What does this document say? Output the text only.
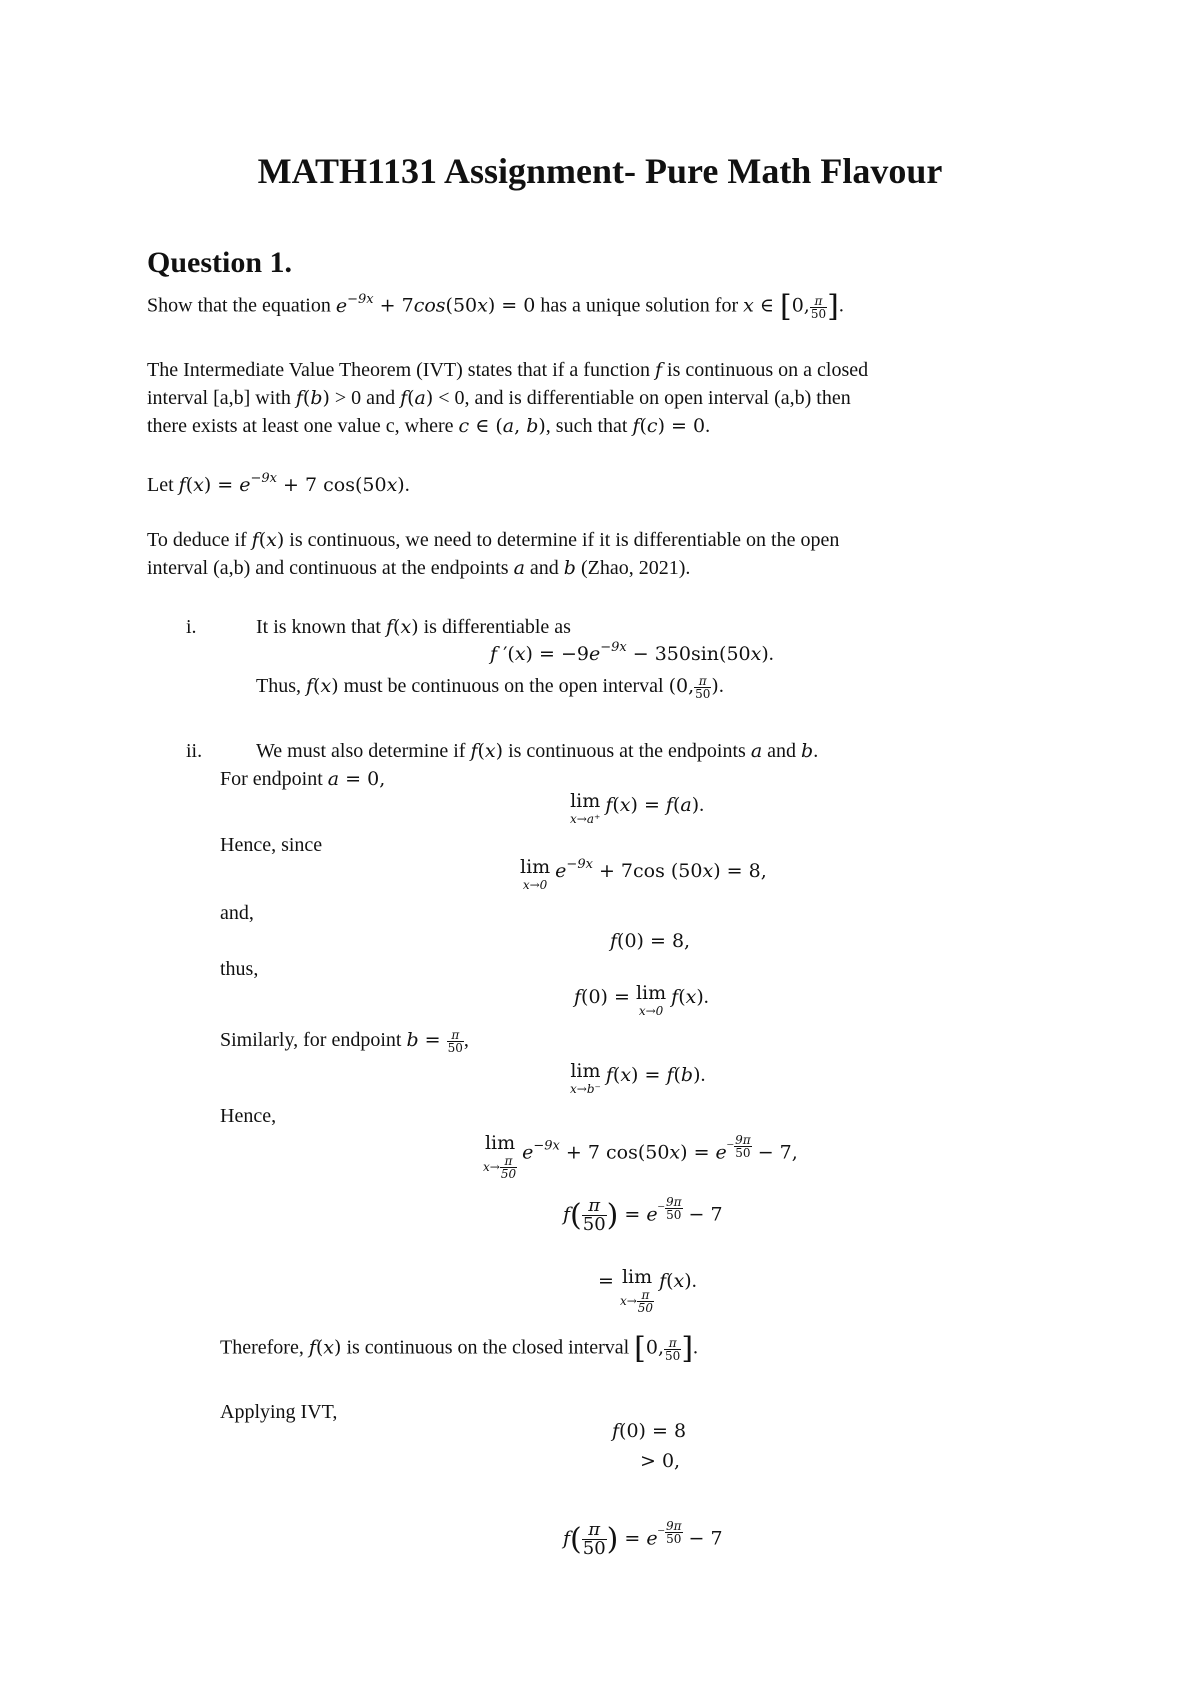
MATH1131 Assignment- Pure Math Flavour
Question 1.
Show that the equation $e^{-9x} + 7\cos(50x) = 0$ has a unique solution for x ∈ [0, $\frac{\pi}{50}$ ].
The Intermediate Value Theorem (IVT) states that if a function f is continuous on a closed
interval [a,b] with f(b) > 0 and f(a) < 0, and is differentiable on open interval (a,b) then
there exists at least one value c, where c ∈ (a, b), such that f(c) = 0.
Let $f(x) = e^{-9x} + 7$ cos(50x).
To deduce if f(x) is continuous, we need to determine if it is differentiable on the open
interval (a,b) and continuous at the endpoints a and b (Zhao, 2021).
i.	It is known that f(x) is differentiable as
f $'(x) = -9e^{-9x} - 350\sin(50x)$.
Thus, f(x) must be continuous on the open interval (0, $\frac{\pi}{50}$ ).
ii.	We must also determine if f(x) is continuous at the endpoints a and b.
For endpoint a = 0,
lim
x→a⁺
f(x) = f(a).
Hence, since
lim
x→0
$e^{-9x} + 7\cos$ (50x) = 8,
and,
f(0) = 8,
thus,
f(0) = lim
x→0
f(x).
Similarly, for endpoint $b = \frac{\pi}{50}$ ,
lim
x→b⁻
f(x) = f(b).
Hence,
lim
$x\to \frac{\pi}{50}$
$e^{-9x} + 7$ $\cos(50x) = e^{- \frac{9\pi}{50}} - 7$,
$f( \frac{\pi}{50}$ ) = $e^{- \frac{9\pi}{50}} - 7$
= lim
$x\to \frac{\pi}{50}$
f(x).
Therefore, f(x) is continuous on the closed interval [0, $\frac{\pi}{50}$ ].
Applying IVT,
f(0) = 8
> 0,
$f( \frac{\pi}{50}$ ) = $e^{- \frac{9\pi}{50}} - 7$
